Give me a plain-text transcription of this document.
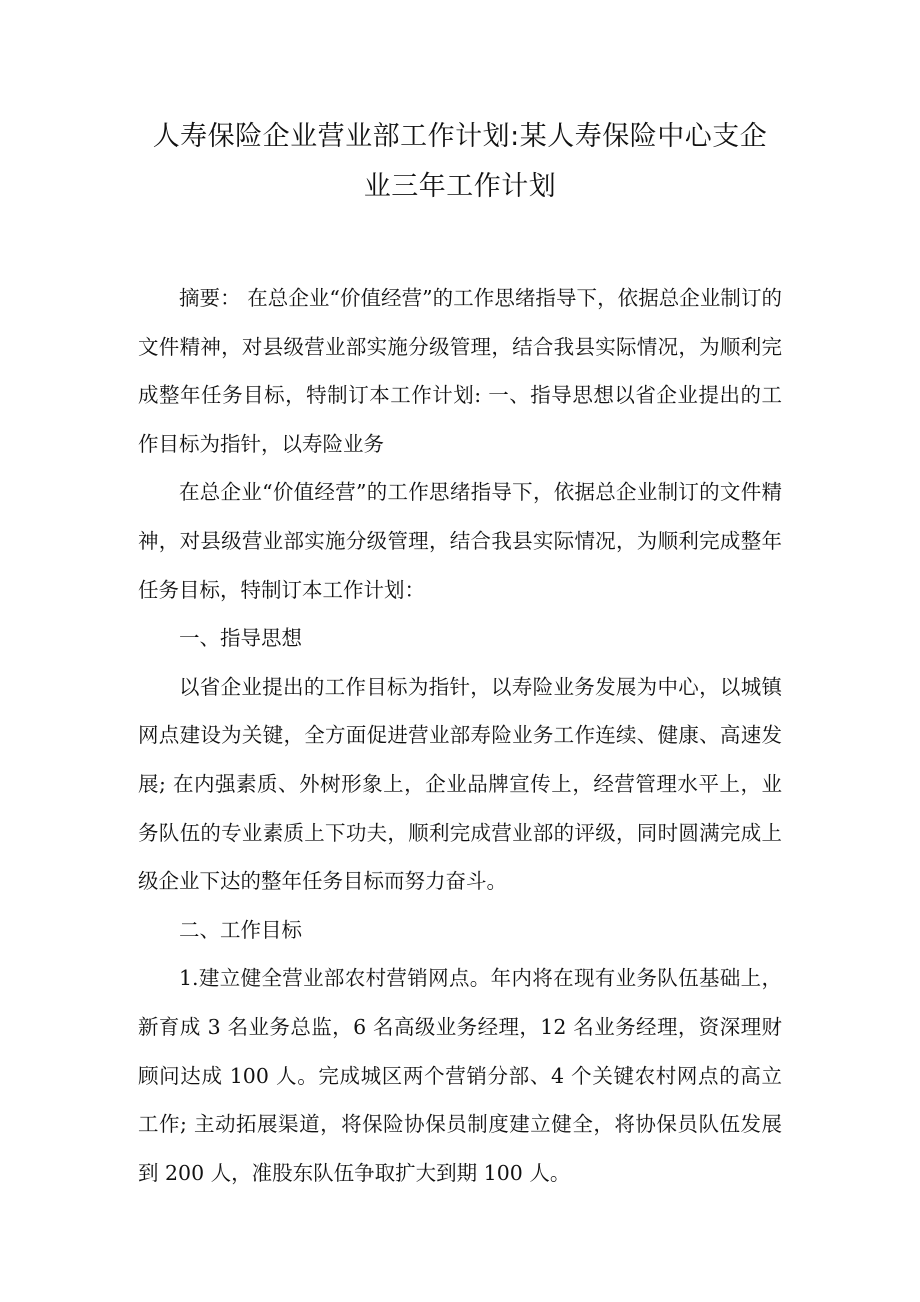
人寿保险企业营业部工作计划:某人寿保险中心支企
业三年工作计划

摘要： 在总企业“价值经营”的工作思绪指导下，依据总企业制订的文件精神，对县级营业部实施分级管理，结合我县实际情况，为顺利完成整年任务目标，特制订本工作计划: 一、指导思想以省企业提出的工作目标为指针，以寿险业务

在总企业“价值经营”的工作思绪指导下，依据总企业制订的文件精神，对县级营业部实施分级管理，结合我县实际情况，为顺利完成整年任务目标，特制订本工作计划：

一、指导思想

以省企业提出的工作目标为指针，以寿险业务发展为中心，以城镇网点建设为关键，全方面促进营业部寿险业务工作连续、健康、高速发展; 在内强素质、外树形象上，企业品牌宣传上，经营管理水平上，业务队伍的专业素质上下功夫，顺利完成营业部的评级，同时圆满完成上级企业下达的整年任务目标而努力奋斗。

二、工作目标

1.建立健全营业部农村营销网点。年内将在现有业务队伍基础上，新育成 3 名业务总监，6 名高级业务经理，12 名业务经理，资深理财顾问达成 100 人。完成城区两个营销分部、4 个关键农村网点的高立工作; 主动拓展渠道，将保险协保员制度建立健全，将协保员队伍发展到 200 人，准股东队伍争取扩大到期 100 人。
